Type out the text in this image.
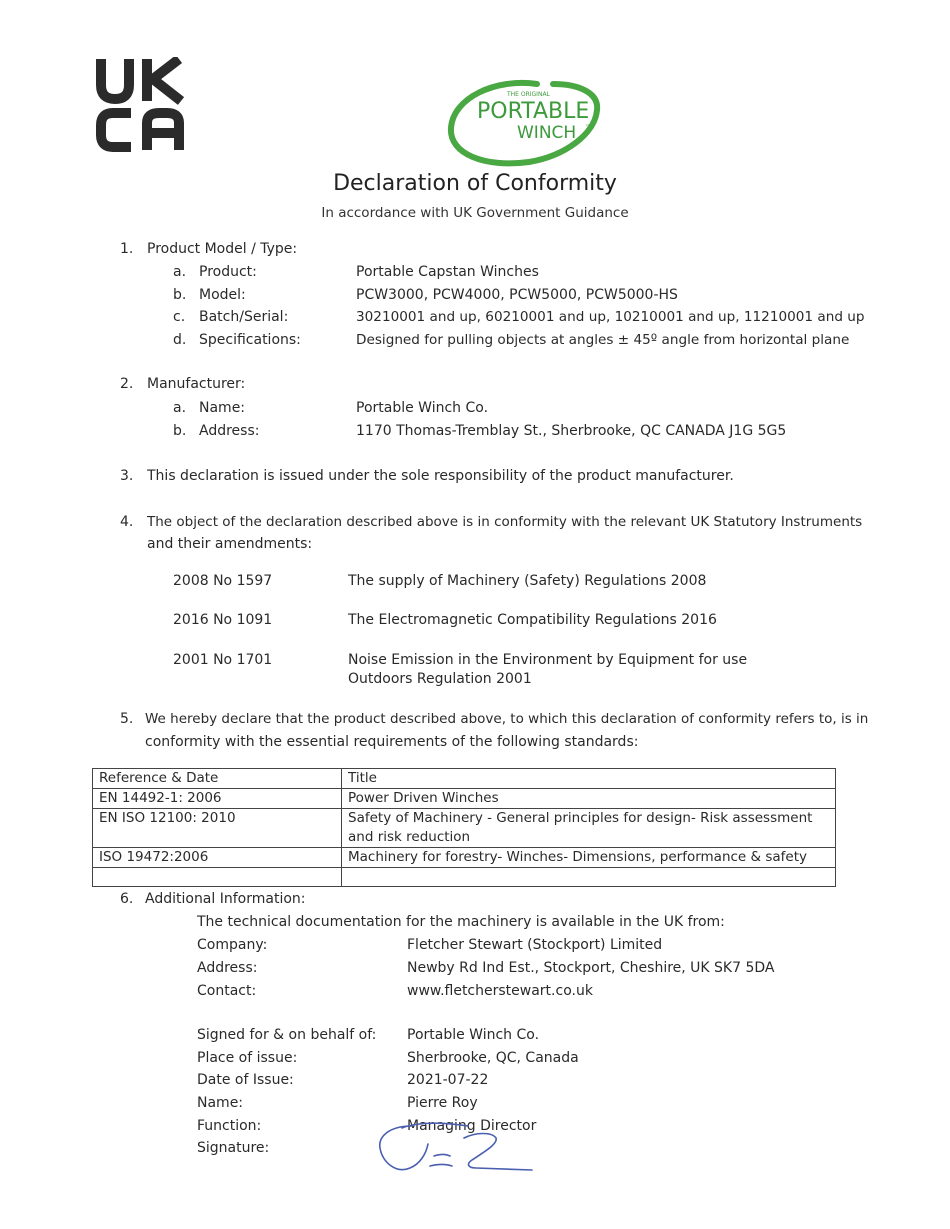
THE ORIGINAL
PORTABLE
WINCH ™
Declaration of Conformity
In accordance with UK Government Guidance
1. Product Model / Type:
a. Product:	Portable Capstan Winches
b. Model:	PCW3000, PCW4000, PCW5000, PCW5000-HS
c. Batch/Serial:	30210001 and up, 60210001 and up, 10210001 and up, 11210001 and up
d. Specifications:	Designed for pulling objects at angles ± 45º angle from horizontal plane
2. Manufacturer:
a. Name:	Portable Winch Co.
b. Address:	1170 Thomas-Tremblay St., Sherbrooke, QC CANADA J1G 5G5
3. This declaration is issued under the sole responsibility of the product manufacturer.
4. The object of the declaration described above is in conformity with the relevant UK Statutory Instruments
and their amendments:
2008 No 1597	The supply of Machinery (Safety) Regulations 2008
2016 No 1091	The Electromagnetic Compatibility Regulations 2016
2001 No 1701	Noise Emission in the Environment by Equipment for use
Outdoors Regulation 2001
5. We hereby declare that the product described above, to which this declaration of conformity refers to, is in
conformity with the essential requirements of the following standards:
Reference & Date	Title
EN 14492-1: 2006	Power Driven Winches
EN ISO 12100: 2010	Safety of Machinery - General principles for design- Risk assessment and risk reduction
ISO 19472:2006	Machinery for forestry- Winches- Dimensions, performance & safety

6. Additional Information:
The technical documentation for the machinery is available in the UK from:
Company:	Fletcher Stewart (Stockport) Limited
Address:	Newby Rd Ind Est., Stockport, Cheshire, UK SK7 5DA
Contact:	www.fletcherstewart.co.uk
Signed for & on behalf of: Portable Winch Co.
Place of issue:	Sherbrooke, QC, Canada
Date of Issue:	2021-07-22
Name:	Pierre Roy
Function:	Managing Director
Signature:
